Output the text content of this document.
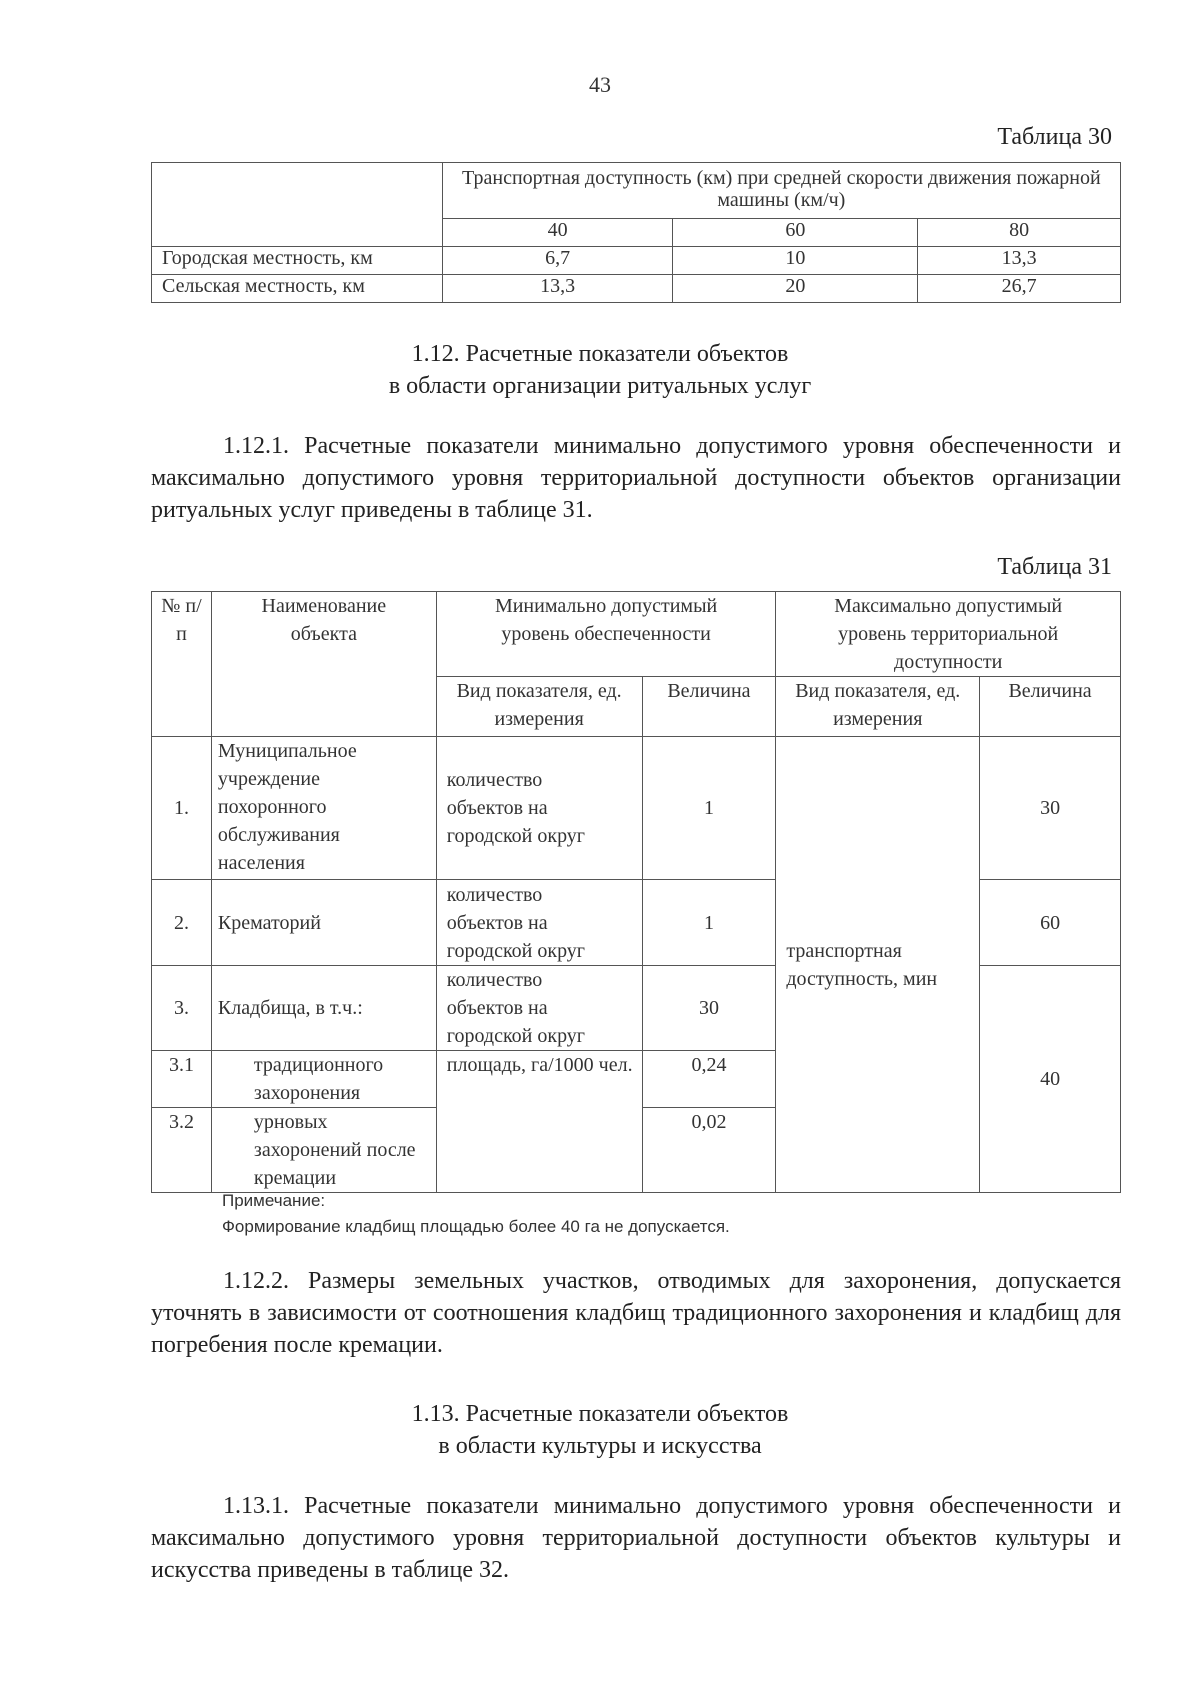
43
Таблица 30
	Транспортная доступность (км) при средней скорости движения пожарной машины (км/ч)		
	40	60	80
Городская местность, км	6,7	10	13,3
Сельская местность, км	13,3	20	26,7
1.12. Расчетные показатели объектов
в области организации ритуальных услуг
1.12.1. Расчетные показатели минимально допустимого уровня обеспеченности и максимально допустимого уровня территориальной доступности объектов организации ритуальных услуг приведены в таблице 31.
Таблица 31
№ п/п	Наименование объекта	Минимально допустимый уровень обеспеченности		Максимально допустимый уровень территориальной доступности	
		Вид показателя, ед. измерения	Величина	Вид показателя, ед. измерения	Величина
1.	Муниципальное учреждение похоронного обслуживания населения	количество объектов на городской округ	1	транспортная доступность, мин	30
2.	Крематорий	количество объектов на городской округ	1		60
3.	Кладбища, в т.ч.:	количество объектов на городской округ	30		40
3.1	традиционного захоронения	площадь, га/1000 чел.	0,24		
3.2	урновых захоронений после кремации		0,02		
Примечание:
Формирование кладбищ площадью более 40 га не допускается.
1.12.2. Размеры земельных участков, отводимых для захоронения, допускается уточнять в зависимости от соотношения кладбищ традиционного захоронения и кладбищ для погребения после кремации.
1.13. Расчетные показатели объектов
в области культуры и искусства
1.13.1. Расчетные показатели минимально допустимого уровня обеспеченности и максимально допустимого уровня территориальной доступности объектов культуры и искусства приведены в таблице 32.
